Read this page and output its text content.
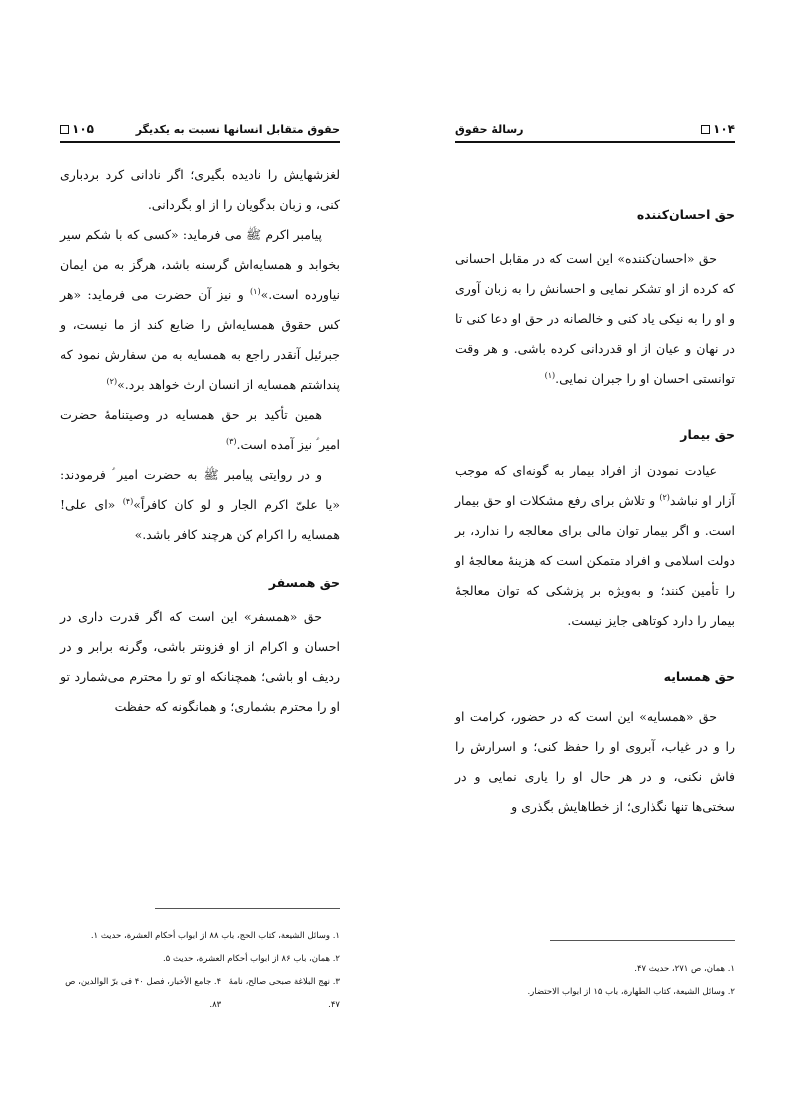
حقوق متقابل انسانها نسبت به یکدیگر
۱۰۵

لغزشهایش را نادیده بگیری؛ اگر نادانی کرد بردباری کنی، و زبان بدگویان را از او بگردانی.

پیامبر اکرم ﷺ می فرماید: «کسی که با شکم سیر بخوابد و همسایه‌اش گرسنه باشد، هرگز به من ایمان نیاورده است.»$^{(۱)}$ و نیز آن حضرت می فرماید: «هر کس حقوق همسایه‌اش را ضایع کند از ما نیست، و جبرئیل آنقدر راجع به همسایه به من سفارش نمود که پنداشتم همسایه از انسان ارث خواهد برد.»$^{(۲)}$

همین تأکید بر حق همسایه در وصیتنامهٔ حضرت امیر ؑ نیز آمده است.$^{(۳)}$

و در روایتی پیامبر ﷺ به حضرت امیر ؑ فرمودند: «یا علیّ اکرم الجار و لو کان کافراً»$^{(۴)}$ «ای علی! همسایه را اکرام کن هرچند کافر باشد.»

حق همسفر

حق «همسفر» این است که اگر قدرت داری در احسان و اکرام از او فزونتر باشی، وگرنه برابر و در ردیف او باشی؛ همچنانکه او تو را محترم می‌شمارد تو او را محترم بشماری؛ و همانگونه که حفظت

۱. وسائل الشیعة، کتاب الحج، باب ۸۸ از ابواب أحکام العشرة، حدیث ۱.
۲. همان، باب ۸۶ از ابواب أحکام العشرة، حدیث ۵.
۳. نهج البلاغة صبحی صالح، نامهٔ ۴۷.
۴. جامع الأخبار، فصل ۴۰ فی برّ الوالدین، ص ۸۳.
۱۰۴
رسالهٔ حقوق
حق احسان‌کننده

حق «احسان‌کننده» این است که در مقابل احسانی که کرده از او تشکر نمایی و احسانش را به زبان آوری و او را به نیکی یاد کنی و خالصانه در حق او دعا کنی تا در نهان و عیان از او قدردانی کرده باشی. و هر وقت توانستی احسان او را جبران نمایی.$^{(۱)}$

حق بیمار

عیادت نمودن از افراد بیمار به گونه‌ای که موجب آزار او نباشد$^{(۲)}$ و تلاش برای رفع مشکلات او حق بیمار است. و اگر بیمار توان مالی برای معالجه را ندارد، بر دولت اسلامی و افراد متمکن است که هزینهٔ معالجهٔ او را تأمین کنند؛ و به‌ویژه بر پزشکی که توان معالجهٔ بیمار را دارد کوتاهی جایز نیست.

حق همسایه

حق «همسایه» این است که در حضور، کرامت او را و در غیاب، آبروی او را حفظ کنی؛ و اسرارش را فاش نکنی، و در هر حال او را یاری نمایی و در سختی‌ها تنها نگذاری؛ از خطاهایش بگذری و

۱. همان، ص ۲۷۱، حدیث ۴۷.
۲. وسائل الشیعة، کتاب الطهارة، باب ۱۵ از ابواب الاحتضار.
